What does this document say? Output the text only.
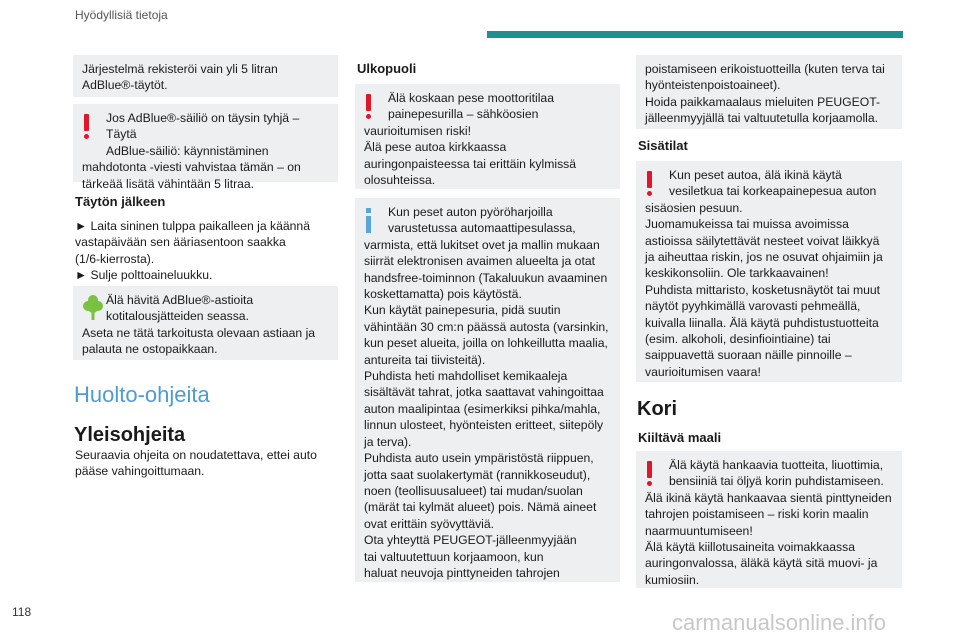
Hyödyllisiä tietoja
Järjestelmä rekisteröi vain yli 5 litran
AdBlue®-täytöt.
Jos AdBlue®-säiliö on täysin tyhjä – Täytä
AdBlue-säiliö: käynnistäminen
mahdotonta -viesti vahvistaa tämän – on
tärkeää lisätä vähintään 5 litraa.
Täytön jälkeen
► Laita sininen tulppa paikalleen ja käännä
vastapäivään sen ääriasentoon saakka
(1/6-kierrosta).
► Sulje polttoaineluukku.
Älä hävitä AdBlue®-astioita
kotitalousjätteiden seassa.
Aseta ne tätä tarkoitusta olevaan astiaan ja
palauta ne ostopaikkaan.
Huolto-ohjeita
Yleisohjeita
Seuraavia ohjeita on noudatettava, ettei auto
pääse vahingoittumaan.
Ulkopuoli
Älä koskaan pese moottoritilaa
painepesurilla – sähköosien
vaurioitumisen riski!
Älä pese autoa kirkkaassa
auringonpaisteessa tai erittäin kylmissä
olosuhteissa.
Kun peset auton pyöröharjoilla
varustetussa automaattipesulassa,
varmista, että lukitset ovet ja mallin mukaan
siirrät elektronisen avaimen alueelta ja otat
handsfree-toiminnon (Takaluukun avaaminen
koskettamatta) pois käytöstä.
Kun käytät painepesuria, pidä suutin
vähintään 30 cm:n päässä autosta (varsinkin,
kun peset alueita, joilla on lohkeillutta maalia,
antureita tai tiivisteitä).
Puhdista heti mahdolliset kemikaaleja
sisältävät tahrat, jotka saattavat vahingoittaa
auton maalipintaa (esimerkiksi pihka/mahla,
linnun ulosteet, hyönteisten eritteet, siitepöly
ja terva).
Puhdista auto usein ympäristöstä riippuen,
jotta saat suolakertymät (rannikkoseudut),
noen (teollisuusalueet) tai mudan/suolan
(märät tai kylmät alueet) pois. Nämä aineet
ovat erittäin syövyttäviä.
Ota yhteyttä PEUGEOT-jälleenmyyjään
tai valtuutettuun korjaamoon, kun
haluat neuvoja pinttyneiden tahrojen
poistamiseen erikoistuotteilla (kuten terva tai
hyönteistenpoistoaineet).
Hoida paikkamaalaus mieluiten PEUGEOT-
jälleenmyyjällä tai valtuutetulla korjaamolla.
Sisätilat
Kun peset autoa, älä ikinä käytä
vesiletkua tai korkeapainepesua auton
sisäosien pesuun.
Juomamukeissa tai muissa avoimissa
astioissa säilytettävät nesteet voivat läikkyä
ja aiheuttaa riskin, jos ne osuvat ohjaimiin ja
keskikonsoliin. Ole tarkkaavainen!
Puhdista mittaristo, kosketusnäytöt tai muut
näytöt pyyhkimällä varovasti pehmeällä,
kuivalla liinalla. Älä käytä puhdistustuotteita
(esim. alkoholi, desinfiointiaine) tai
saippuavettä suoraan näille pinnoille –
vaurioitumisen vaara!
Kori
Kiiltävä maali
Älä käytä hankaavia tuotteita, liuottimia,
bensiiniä tai öljyä korin puhdistamiseen.
Älä ikinä käytä hankaavaa sientä pinttyneiden
tahrojen poistamiseen – riski korin maalin
naarmuuntumiseen!
Älä käytä kiillotusaineita voimakkaassa
auringonvalossa, äläkä käytä sitä muovi- ja
kumiosiin.
118	carmanualsonline.info
